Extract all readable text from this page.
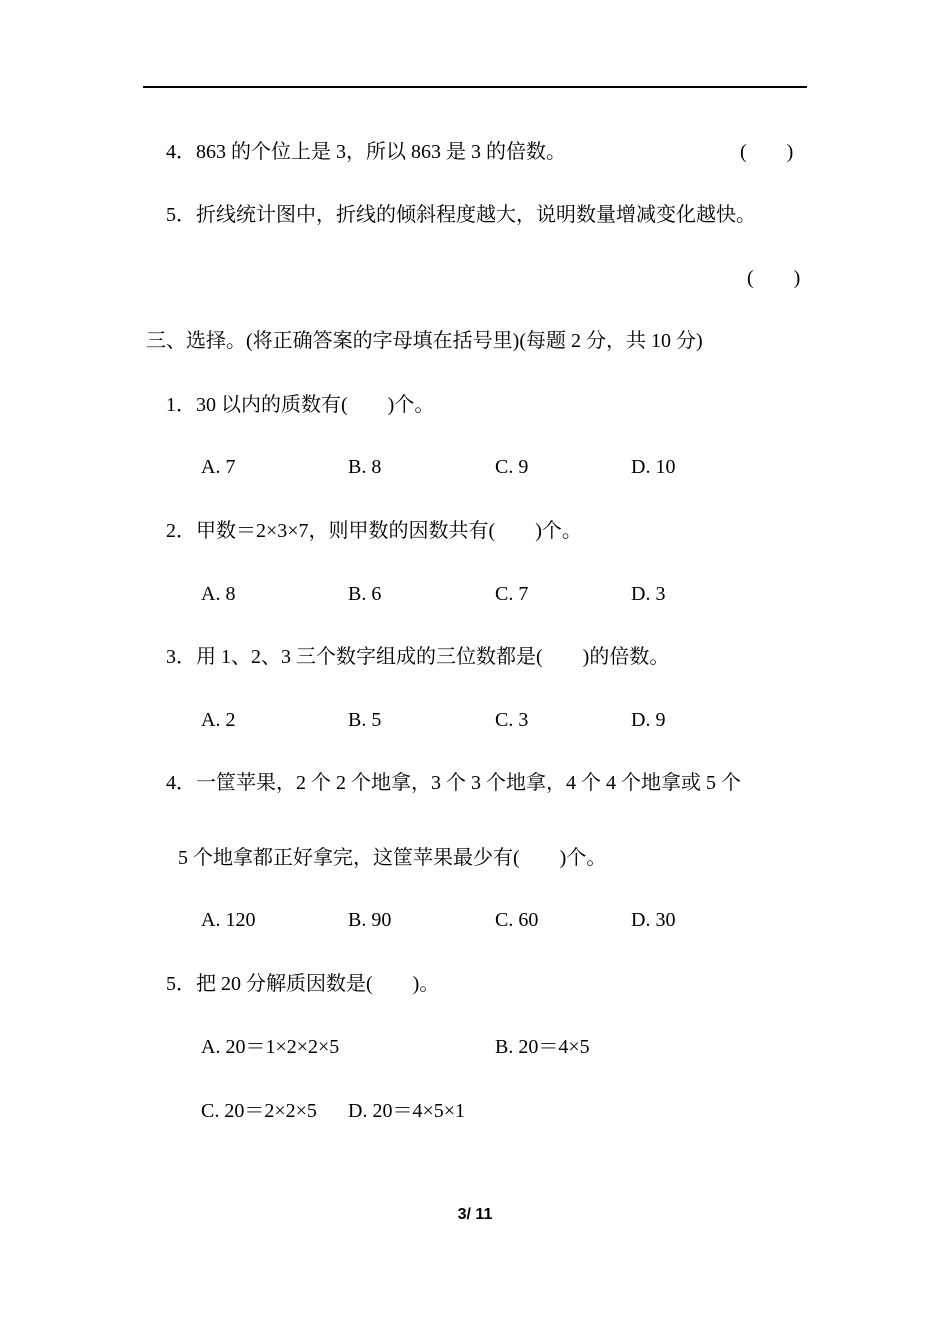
4．863 的个位上是 3，所以 863 是 3 的倍数。	(　　)
5．折线统计图中，折线的倾斜程度越大，说明数量增减变化越快。
(　　)
三、选择。(将正确答案的字母填在括号里)(每题 2 分，共 10 分)
1．30 以内的质数有(　　)个。
A. 7	B. 8	C. 9	D. 10
2．甲数＝2×3×7，则甲数的因数共有(　　)个。
A. 8	B. 6	C. 7	D. 3
3．用 1、2、3 三个数字组成的三位数都是(　　)的倍数。
A. 2	B. 5	C. 3	D. 9
4．一筐苹果，2 个 2 个地拿，3 个 3 个地拿，4 个 4 个地拿或 5 个
5 个地拿都正好拿完，这筐苹果最少有(　　)个。
A. 120	B. 90	C. 60	D. 30
5．把 20 分解质因数是(　　)。
A. 20＝1×2×2×5	B. 20＝4×5
C. 20＝2×2×5 D. 20＝4×5×1
3/ 11
